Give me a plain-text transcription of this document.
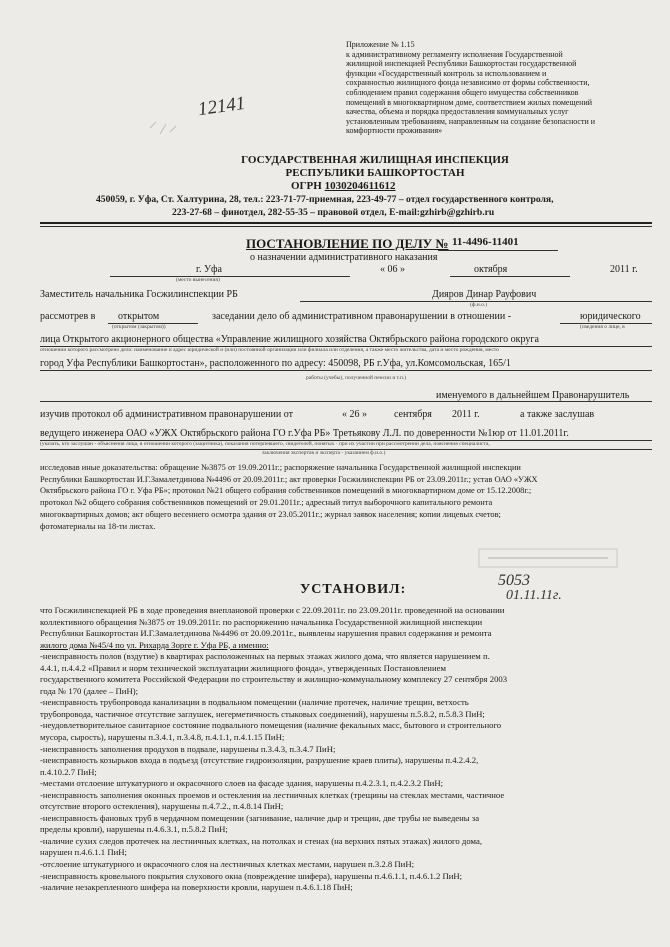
Приложение № 1.15
к административному регламенту исполнения Государственной
жилищной инспекцией Республики Башкортостан государственной
функции «Государственный контроль за использованием и
сохранностью жилищного фонда независимо от формы собственности,
соблюдением правил содержания общего имущества собственников
помещений в многоквартирном доме, соответствием жилых помещений
качества, объема и порядка предоставления коммунальных услуг
установленным требованиям, направленным на создание безопасности и
комфортности проживания»
12141
ГОСУДАРСТВЕННАЯ ЖИЛИЩНАЯ ИНСПЕКЦИЯ
РЕСПУБЛИКИ БАШКОРТОСТАН
ОГРН 1030204611612
450059, г. Уфа, Ст. Халтурина, 28, тел.: 223-71-77-приемная, 223-49-77 – отдел государственного контроля,
223-27-68 – финотдел, 282-55-35 – правовой отдел, E-mail:gzhirb@gzhirb.ru
ПОСТАНОВЛЕНИЕ ПО ДЕЛУ № 11-4496-11401
о назначении административного наказания
г. Уфа
(место вынесения)
« 06 »	октября	2011 г.
Заместитель начальника Госжилинспекции РБ	Дияров Динар Рауфович
(ф.и.о.)
рассмотрев в открытом
(открытом (закрытом))
заседании дело об административном правонарушении в отношении -	юридического
(сведения о лице, в
лица Открытого акционерного общества «Управление жилищного хозяйства Октябрьского района городского округа
отношении которого рассмотрено дело: наименование и адрес юридической и (или) постоянной организации или филиала или отделения, а также место жительства, дата и место рождения, место
город Уфа Республики Башкортостан», расположенного по адресу: 450098, РБ г.Уфа, ул.Комсомольская, 165/1
работы (учебы), полученной пенсии и т.п.)
именуемого в дальнейшем Правонарушитель
изучив протокол об административном правонарушении от	« 26 »	сентября 2011 г.	а также заслушав
ведущего инженера ОАО «УЖХ Октябрьского района ГО г.Уфа РБ» Третьякову Л.Л. по доверенности №1юр от 11.01.2011г.
(указать, кто заслушан - объяснения лица, в отношении которого (защитника), показания потерпевшего, свидетелей, понятых · при их участии при рассмотрении дела, пояснения специалиста,
заключения экспертов и эксперта - указанием ф.и.о.)
исследовав иные доказательства: обращение №3875 от 19.09.2011г.; распоряжение начальника Государственной жилищной инспекции
Республики Башкортостан И.Г.Замалетдинова №4496 от 20.09.2011г.; акт проверки Госжилинспекции РБ от 23.09.2011г.; устав ОАО «УЖХ
Октябрьского района ГО г. Уфа РБ»; протокол №21 общего собрания собственников помещений в многоквартирном доме от 15.12.2008г.;
протокол №2 общего собрания собственников помещений от 29.01.2011г.; адресный титул выборочного капитального ремонта
многоквартирных домов; акт общего весеннего осмотра здания от 23.05.2011г.; журнал заявок населения; копии лицевых счетов;
фотоматериалы на 18-ти листах.
5053
01.11.11г.
УСТАНОВИЛ:
что Госжилинспекцией РБ в ходе проведения внеплановой проверки с 22.09.2011г. по 23.09.2011г. проведенной на основании
коллективного обращения №3875 от 19.09.2011г. по распоряжению начальника Государственной жилищной инспекции
Республики Башкортостан И.Г.Замалетдинова №4496 от 20.09.2011г., выявлены нарушения правил содержания и ремонта
жилого дома №45/4 по ул. Рихарда Зорге г. Уфа РБ, а именно:
-неисправность полов (вздутие) в квартирах расположенных на первых этажах жилого дома, что является нарушением п.
4.4.1, п.4.4.2 «Правил и норм технической эксплуатации жилищного фонда», утвержденных Постановлением
государственного комитета Российской Федерации по строительству и жилищно-коммунальному комплексу 27 сентября 2003
года № 170 (далее – ПиН);
-неисправность трубопровода канализации в подвальном помещении (наличие протечек, наличие трещин, ветхость
трубопровода, частичное отсутствие заглушек, негерметичность стыковых соединений), нарушены п.5.8.2, п.5.8.3 ПиН;
-неудовлетворительное санитарное состояние подвального помещения (наличие фекальных масс, бытового и строительного
мусора, сырость), нарушены п.3.4.1, п.3.4.8, п.4.1.1, п.4.1.15 ПиН;
-неисправность заполнения продухов в подвале, нарушены п.3.4.3, п.3.4.7 ПиН;
-неисправность козырьков входа в подъезд (отсутствие гидроизоляции, разрушение краев плиты), нарушены п.4.2.4.2,
п.4.10.2.7 ПиН;
-местами отслоение штукатурного и окрасочного слоев на фасаде здания, нарушены п.4.2.3.1, п.4.2.3.2 ПиН;
-неисправность заполнения оконных проемов и остекления на лестничных клетках (трещины на стеклах местами, частичное
отсутствие второго остекления), нарушены п.4.7.2., п.4.8.14 ПиН;
-неисправность фановых труб в чердачном помещении (загнивание, наличие дыр и трещин, две трубы не выведены за
пределы кровли), нарушены п.4.6.3.1, п.5.8.2 ПиН;
-наличие сухих следов протечек на лестничных клетках, на потолках и стенах (на верхних пятых этажах) жилого дома,
нарушен п.4.6.1.1 ПиН;
-отслоение штукатурного и окрасочного слоя на лестничных клетках местами, нарушен п.3.2.8 ПиН;
-неисправность кровельного покрытия слухового окна (повреждение шифера), нарушены п.4.6.1.1, п.4.6.1.2 ПиН;
-наличие незакрепленного шифера на поверхности кровли, нарушен п.4.6.1.18 ПиН;
